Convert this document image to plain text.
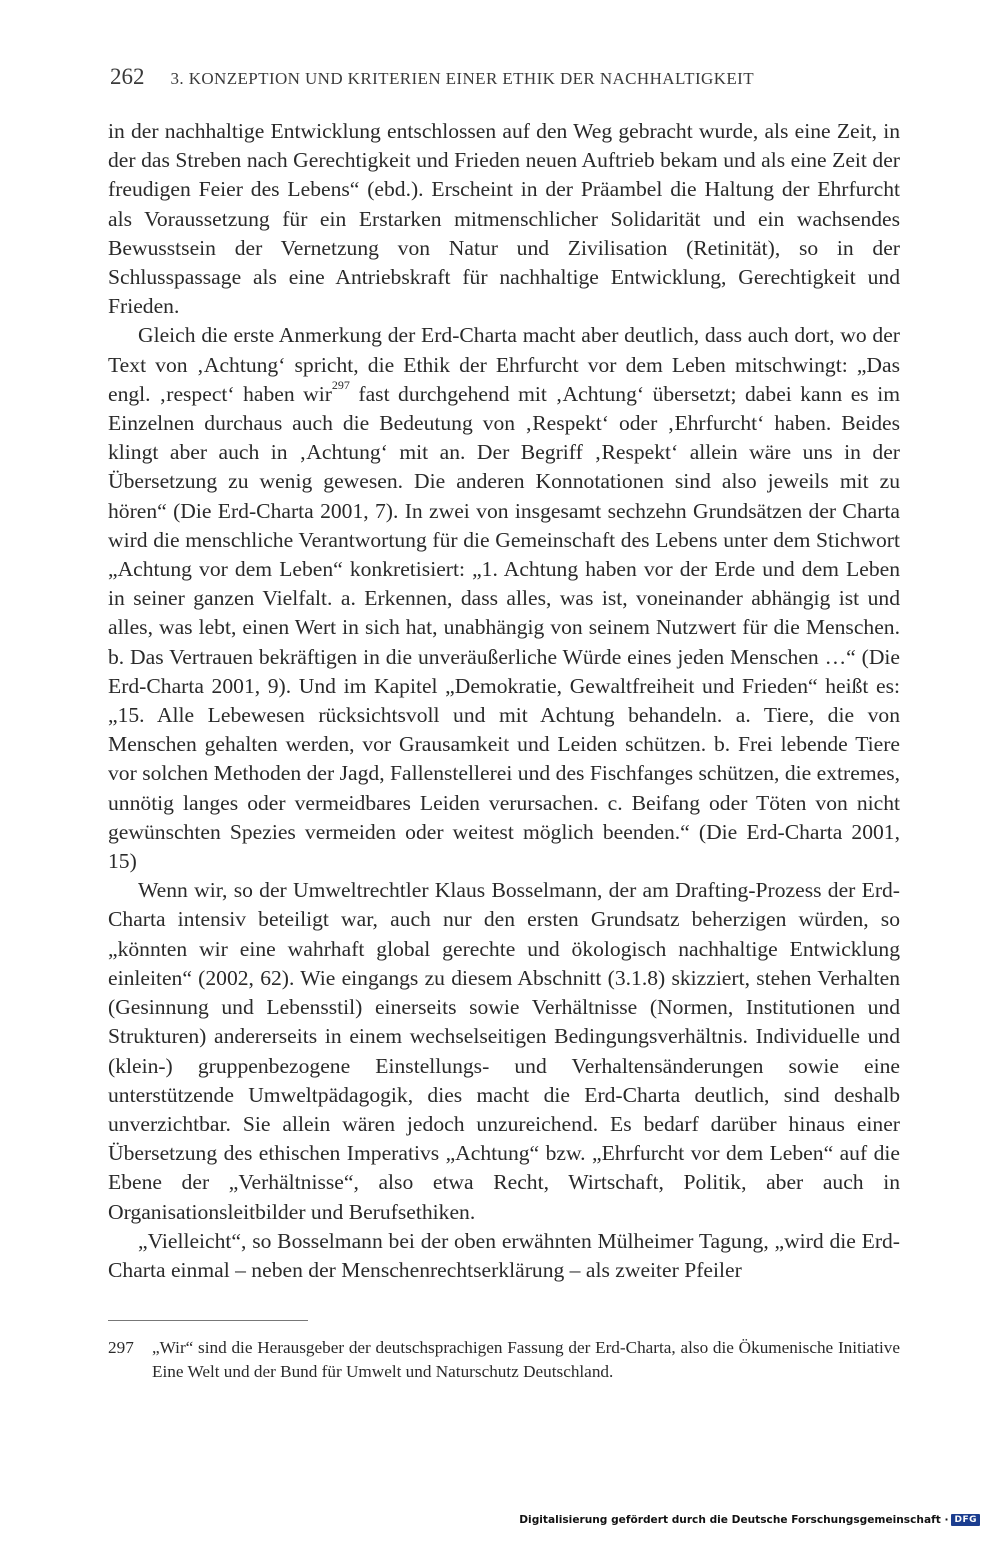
262 3. KONZEPTION UND KRITERIEN EINER ETHIK DER NACHHALTIGKEIT

in der nachhaltige Entwicklung entschlossen auf den Weg gebracht wurde, als eine Zeit, in der das Streben nach Gerechtigkeit und Frieden neuen Auftrieb bekam und als eine Zeit der freudigen Feier des Lebens“ (ebd.). Erscheint in der Präambel die Haltung der Ehrfurcht als Voraussetzung für ein Erstarken mitmenschlicher Solidarität und ein wachsendes Bewusstsein der Vernetzung von Natur und Zivilisation (Retinität), so in der Schlusspassage als eine Antriebskraft für nachhaltige Entwicklung, Gerechtigkeit und Frieden.

Gleich die erste Anmerkung der Erd-Charta macht aber deutlich, dass auch dort, wo der Text von ‚Achtung‘ spricht, die Ethik der Ehrfurcht vor dem Leben mitschwingt: „Das engl. ‚respect‘ haben wir$^{297}$ fast durchgehend mit ‚Achtung‘ übersetzt; dabei kann es im Einzelnen durchaus auch die Bedeutung von ‚Respekt‘ oder ‚Ehrfurcht‘ haben. Beides klingt aber auch in ‚Achtung‘ mit an. Der Begriff ‚Respekt‘ allein wäre uns in der Übersetzung zu wenig gewesen. Die anderen Konnotationen sind also jeweils mit zu hören“ (Die Erd-Charta 2001, 7). In zwei von insgesamt sechzehn Grundsätzen der Charta wird die menschliche Verantwortung für die Gemeinschaft des Lebens unter dem Stichwort „Achtung vor dem Leben“ konkretisiert: „1. Achtung haben vor der Erde und dem Leben in seiner ganzen Vielfalt. a. Erkennen, dass alles, was ist, voneinander abhängig ist und alles, was lebt, einen Wert in sich hat, unabhängig von seinem Nutzwert für die Menschen. b. Das Vertrauen bekräftigen in die unveräußerliche Würde eines jeden Menschen …“ (Die Erd-Charta 2001, 9). Und im Kapitel „Demokratie, Gewaltfreiheit und Frieden“ heißt es: „15. Alle Lebewesen rücksichtsvoll und mit Achtung behandeln. a. Tiere, die von Menschen gehalten werden, vor Grausamkeit und Leiden schützen. b. Frei lebende Tiere vor solchen Methoden der Jagd, Fallenstellerei und des Fischfanges schützen, die extremes, unnötig langes oder vermeidbares Leiden verursachen. c. Beifang oder Töten von nicht gewünschten Spezies vermeiden oder weitest möglich beenden.“ (Die Erd-Charta 2001, 15)

Wenn wir, so der Umweltrechtler Klaus Bosselmann, der am Drafting-Prozess der Erd-Charta intensiv beteiligt war, auch nur den ersten Grundsatz beherzigen würden, so „könnten wir eine wahrhaft global gerechte und ökologisch nachhaltige Entwicklung einleiten“ (2002, 62). Wie eingangs zu diesem Abschnitt (3.1.8) skizziert, stehen Verhalten (Gesinnung und Lebensstil) einerseits sowie Verhältnisse (Normen, Institutionen und Strukturen) andererseits in einem wechselseitigen Bedingungsverhältnis. Individuelle und (klein-) gruppenbezogene Einstellungs- und Verhaltensänderungen sowie eine unterstützende Umweltpädagogik, dies macht die Erd-Charta deutlich, sind deshalb unverzichtbar. Sie allein wären jedoch unzureichend. Es bedarf darüber hinaus einer Übersetzung des ethischen Imperativs „Achtung“ bzw. „Ehrfurcht vor dem Leben“ auf die Ebene der „Verhältnisse“, also etwa Recht, Wirtschaft, Politik, aber auch in Organisationsleitbilder und Berufsethiken.

„Vielleicht“, so Bosselmann bei der oben erwähnten Mülheimer Tagung, „wird die Erd-Charta einmal – neben der Menschenrechtserklärung – als zweiter Pfeiler

297 „Wir“ sind die Herausgeber der deutschsprachigen Fassung der Erd-Charta, also die Ökumenische Initiative Eine Welt und der Bund für Umwelt und Naturschutz Deutschland.
Digitalisierung gefördert durch die Deutsche Forschungsgemeinschaft · DFG
